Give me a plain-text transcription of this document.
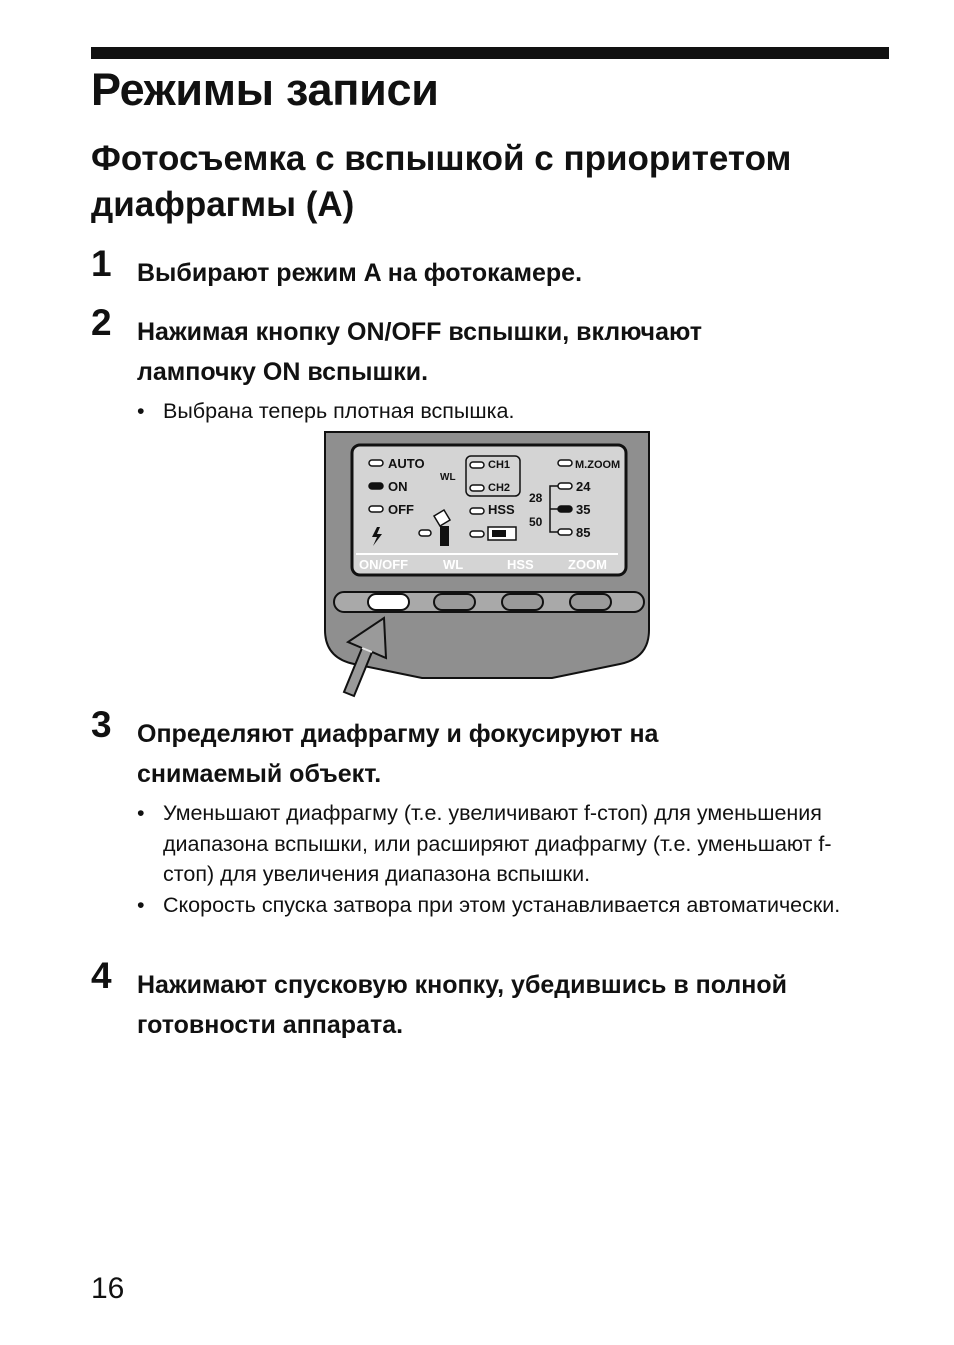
Режимы записи
Фотосъемка с вспышкой с приоритетом диафрагмы (A)
1 Выбирают режим A на фотокамере.
2 Нажимая кнопку ON/OFF вспышки, включают лампочку ON вспышки.
• Выбрана теперь плотная вспышка.
AUTO
ON
OFF
WL
CH1
CH2
HSS
M.ZOOM
24
35
85
28
50
ON/OFF	WL	HSS	ZOOM
3 Определяют диафрагму и фокусируют на снимаемый объект.
• Уменьшают диафрагму (т.е. увеличивают f-стоп) для уменьшения диапазона вспышки, или расширяют диафрагму (т.е. уменьшают f-стоп) для увеличения диапазона вспышки.
• Скорость спуска затвора при этом устанавливается автоматически.
4 Нажимают спусковую кнопку, убедившись в полной готовности аппарата.
16
